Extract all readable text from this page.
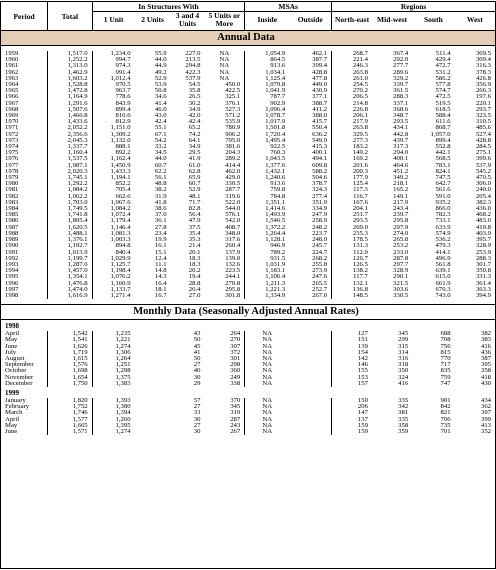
Period	Total	In Structures With				MSAs		Regions			
		1 Unit	2 Units	3 and 4 Units	5 Units or More	Inside	Outside	North-east	Mid-west	South	West
Annual Data											

1959	1,517.0	1,234.0	55.9	227.0	NA	1,054.9	462.1	268.7	367.4	511.4	369.5
1960	1,252.2	994.7	44.0	213.5	NA	864.5	387.7	221.4	292.0	429.4	309.4
1961	1,313.0	974.3	44.9	294.8	NA	913.6	399.4	246.3	277.7	472.7	316.3
1962	1,462.9	991.4	49.2	422.3	NA	1,034.1	428.8	263.8	289.6	531.2	378.3
1963	1,603.2	1,012.4	52.9	537.9	NA	1,125.4	477.8	261.0	329.2	586.2	426.8
1964	1,528.8	970.5	53.9	54.5	450.0	1,079.8	449.0	254.5	339.7	577.8	356.9
1965	1,472.8	963.7	50.8	35.8	422.5	1,041.9	430.9	270.2	361.5	574.7	266.3
1966	1,164.9	778.6	34.6	26.5	325.1	787.7	377.1	206.5	288.3	472.5	197.6
1967	1,291.6	843.9	41.4	30.2	376.1	902.9	388.7	214.8	337.1	519.5	220.1
1968	1,507.6	899.4	46.0	34.9	527.3	1,096.4	411.2	226.8	368.6	618.5	293.7
1969	1,466.8	810.6	43.0	42.0	571.2	1,078.7	388.0	206.1	348.7	588.4	323.5
1970	1,433.6	812.9	42.4	42.4	535.9	1,017.9	415.7	217.9	293.5	611.6	310.5
1971	2,052.2	1,151.0	55.1	65.2	780.9	1,501.8	550.4	263.8	434.1	868.7	485.6
1972	2,356.6	1,309.2	67.1	74.2	906.2	1,720.4	636.2	329.5	442.8	1,057.0	527.4
1973	2,045.3	1,132.0	54.2	64.1	795.0	1,495.4	549.9	277.3	439.7	899.4	428.8
1974	1,337.7	888.1	33.2	34.9	381.6	922.5	415.3	183.2	317.3	552.8	284.5
1975	1,160.4	892.2	34.5	29.5	204.3	760.3	400.1	149.2	294.0	442.1	275.1
1976	1,537.5	1,162.4	44.0	41.9	289.2	1,043.5	494.1	169.2	400.1	568.5	399.6
1977	1,987.1	1,450.9	60.7	61.0	414.4	1,377.6	609.8	201.6	464.6	783.1	537.9
1978	2,020.3	1,433.3	62.2	62.8	462.0	1,432.1	588.2	200.3	451.2	824.1	545.2
1979	1,745.1	1,194.1	56.1	65.9	429.0	1,240.6	504.6	177.9	349.2	747.5	470.5
1980	1,292.2	852.2	48.8	60.7	330.5	913.6	378.7	125.4	218.1	642.7	306.0
1981	1,084.2	705.4	38.2	52.9	287.7	759.8	324.3	117.3	165.2	561.6	240.0
1982	1,062.2	662.6	31.9	48.1	319.6	784.8	277.4	116.7	149.1	591.0	205.4
1983	1,703.0	1,067.6	41.8	71.7	522.0	1,351.1	351.9	167.6	217.9	935.2	382.3
1984	1,749.5	1,084.2	38.6	82.8	544.0	1,414.6	334.9	204.1	243.4	866.0	436.0
1985	1,741.8	1,072.4	37.0	56.4	576.1	1,493.9	247.9	251.7	239.7	782.3	468.2
1986	1,805.4	1,179.4	36.1	47.9	542.0	1,546.5	258.9	293.5	295.8	733.1	483.0
1987	1,620.5	1,146.4	27.8	37.5	408.7	1,372.2	248.2	269.0	297.9	633.9	419.8
1988	1,488.1	1,081.3	23.4	35.4	348.0	1,264.4	223.7	235.3	274.0	574.9	403.9
1989	1,376.1	1,003.3	19.9	35.3	317.6	1,128.1	248.0	178.5	265.8	536.2	395.7
1990	1,192.7	894.8	16.1	21.4	260.4	946.9	245.7	131.3	253.2	479.3	328.9
1991	1,013.9	840.4	15.1	20.1	137.9	789.2	224.7	112.9	233.0	414.1	253.9
1992	1,199.7	1,029.9	12.4	18.3	139.0	931.5	268.2	126.7	287.8	496.9	288.3
1993	1,287.6	1,125.7	11.1	18.3	132.6	1,031.9	255.8	126.5	297.7	561.8	301.7
1994	1,457.0	1,198.4	14.8	20.2	223.5	1,183.1	273.9	138.2	328.9	639.1	350.8
1995	1,354.1	1,076.2	14.3	19.4	244.1	1,106.4	247.6	117.7	290.1	615.0	331.3
1996	1,476.8	1,160.9	16.4	28.8	270.8	1,211.3	265.5	132.1	321.5	661.9	361.4
1997	1,474.0	1,133.7	18.1	26.4	295.8	1,221.3	252.7	136.8	303.6	670.3	363.3
1998	1,616.9	1,271.4	16.7	27.0	301.8	1,334.9	267.0	148.5	330.5	743.0	394.9

Monthly Data (Seasonally Adjusted Annual Rates)											
1998											
April	1,542	1,235		43	264	NA		127	345	688	382
May	1,541	1,221		50	270	NA		151	299	708	383
June	1,626	1,274		45	307	NA		139	315	756	416
July	1,719	1,306		41	372	NA		154	314	815	436
August	1,615	1,264		50	301	NA		142	316	770	387
September	1,576	1,251		27	298	NA		146	318	717	395
October	1,698	1,298		40	360	NA		155	350	835	358
November	1,654	1,375		30	249	NA		153	324	759	418
December	1,750	1,383		29	338	NA		157	416	747	430
1999											
January	1,820	1,393		57	370	NA		150	335	901	434
February	1,752	1,380		27	345	NA		206	342	842	362
March	1,746	1,394		33	319	NA		147	381	821	397
April	1,577	1,260		30	287	NA		137	335	706	399
May	1,665	1,395		27	243	NA		159	358	735	413
June	1,571	1,274		30	267	NA		159	359	701	352
